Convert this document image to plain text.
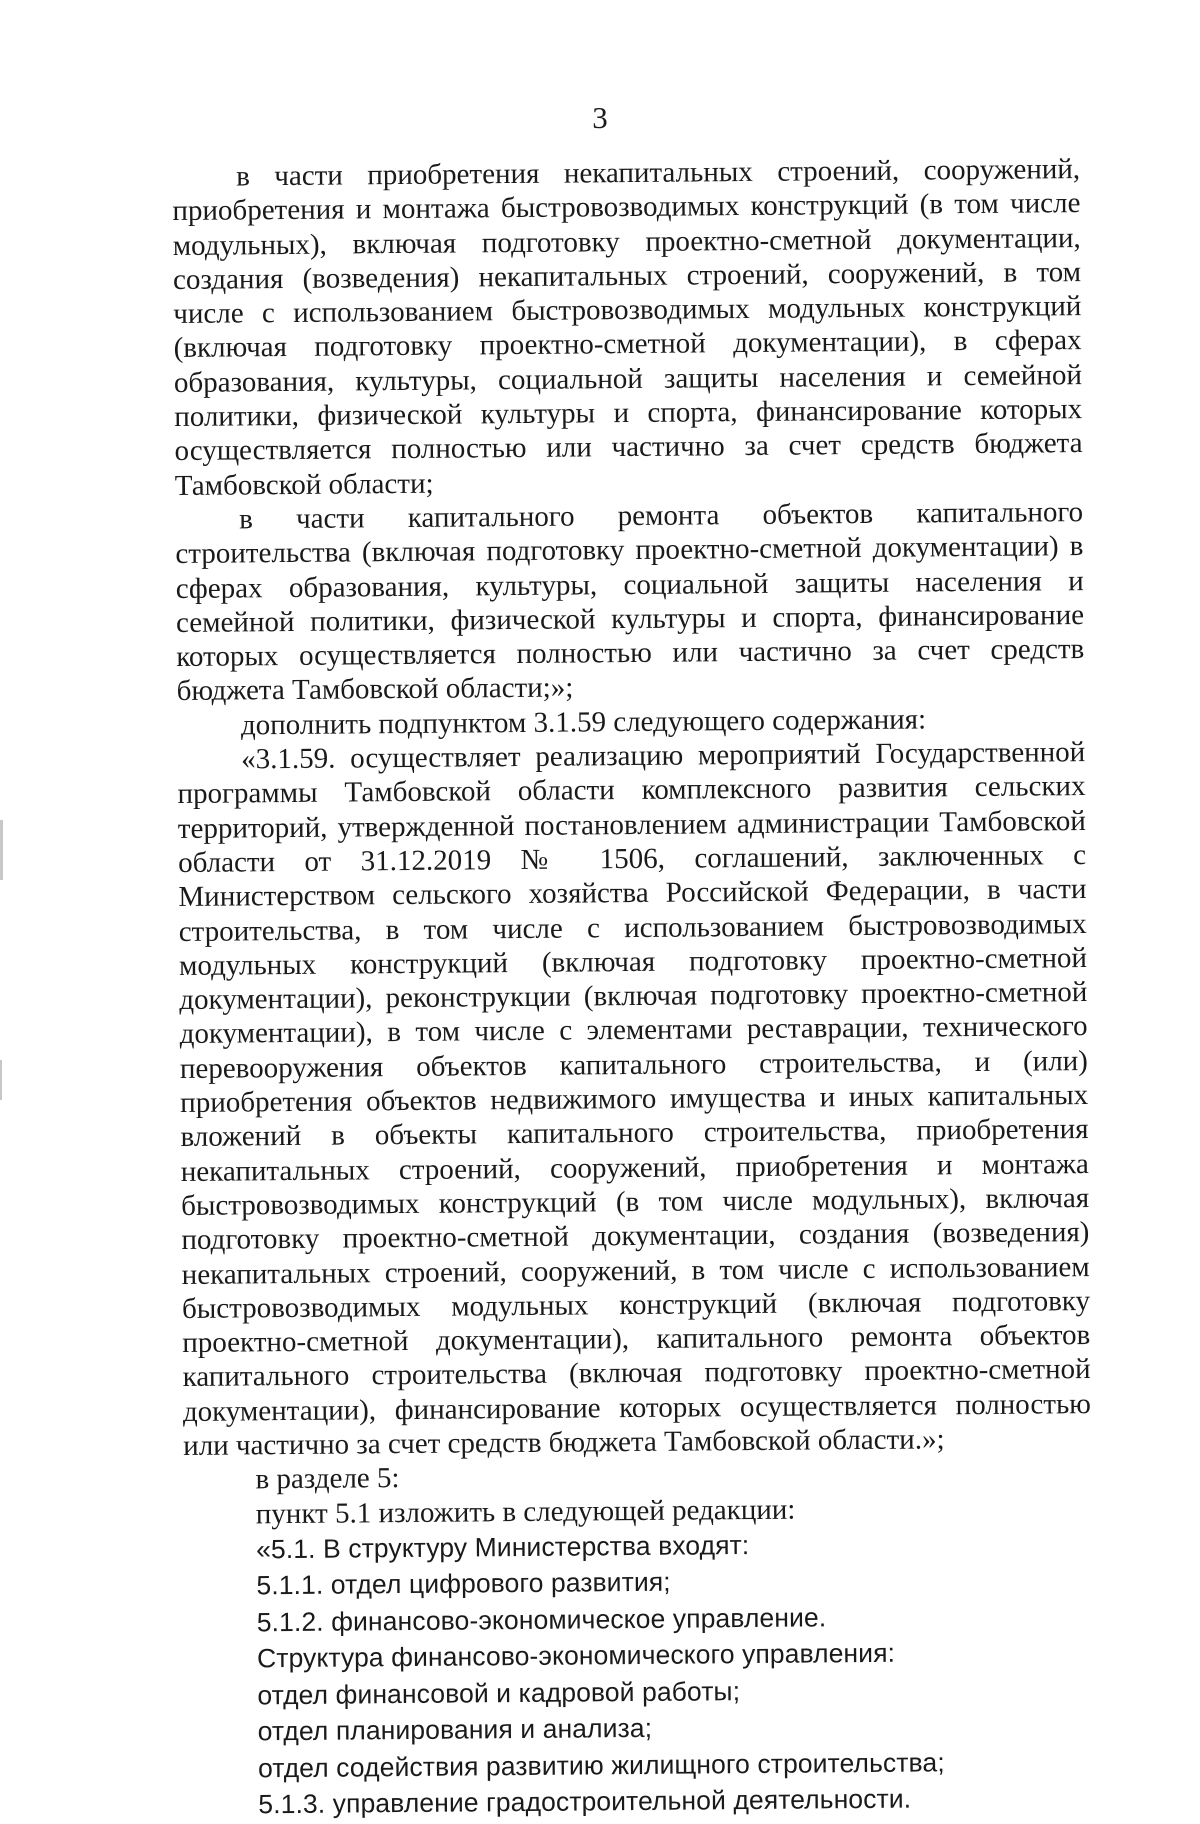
3

в части приобретения некапитальных строений, сооружений, приобретения и монтажа быстровозводимых конструкций (в том числе модульных), включая подготовку проектно-сметной документации, создания (возведения) некапитальных строений, сооружений, в том числе с использованием быстровозводимых модульных конструкций (включая подготовку проектно-сметной документации), в сферах образования, культуры, социальной защиты населения и семейной политики, физической культуры и спорта, финансирование которых осуществляется полностью или частично за счет средств бюджета Тамбовской области;

в части капитального ремонта объектов капитального строительства (включая подготовку проектно-сметной документации) в сферах образования, культуры, социальной защиты населения и семейной политики, физической культуры и спорта, финансирование которых осуществляется полностью или частично за счет средств бюджета Тамбовской области;»;

дополнить подпунктом 3.1.59 следующего содержания:

«3.1.59. осуществляет реализацию мероприятий Государственной программы Тамбовской области комплексного развития сельских территорий, утвержденной постановлением администрации Тамбовской области от 31.12.2019 № 1506, соглашений, заключенных с Министерством сельского хозяйства Российской Федерации, в части строительства, в том числе с использованием быстровозводимых модульных конструкций (включая подготовку проектно-сметной документации), реконструкции (включая подготовку проектно-сметной документации), в том числе с элементами реставрации, технического перевооружения объектов капитального строительства, и (или) приобретения объектов недвижимого имущества и иных капитальных вложений в объекты капитального строительства, приобретения некапитальных строений, сооружений, приобретения и монтажа быстровозводимых конструкций (в том числе модульных), включая подготовку проектно-сметной документации, создания (возведения) некапитальных строений, сооружений, в том числе с использованием быстровозводимых модульных конструкций (включая подготовку проектно-сметной документации), капитального ремонта объектов капитального строительства (включая подготовку проектно-сметной документации), финансирование которых осуществляется полностью или частично за счет средств бюджета Тамбовской области.»;

в разделе 5:
пункт 5.1 изложить в следующей редакции:
«5.1. В структуру Министерства входят:
5.1.1. отдел цифрового развития;
5.1.2. финансово-экономическое управление.
Структура финансово-экономического управления:
отдел финансовой и кадровой работы;
отдел планирования и анализа;
отдел содействия развитию жилищного строительства;
5.1.3. управление градостроительной деятельности.
